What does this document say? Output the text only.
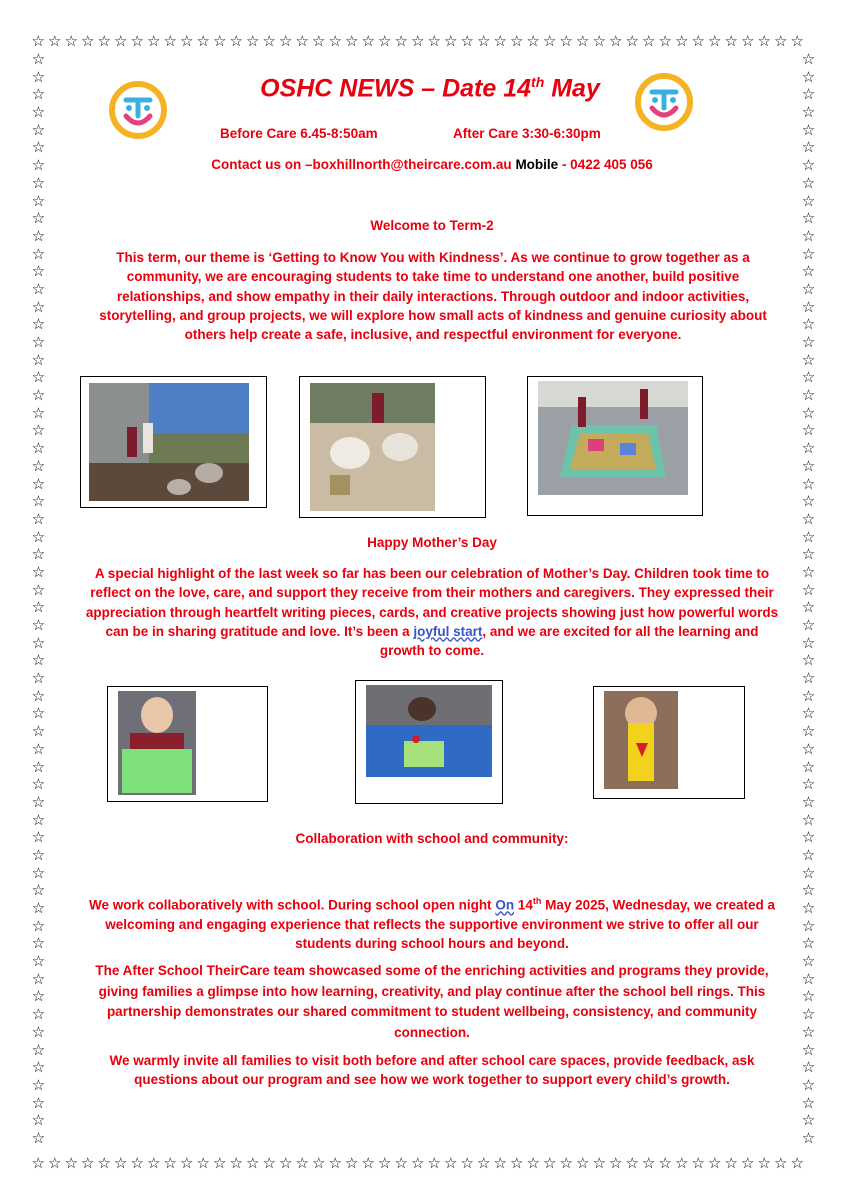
☆ ☆ ☆ ☆ ☆ ☆ ☆ ☆ ☆ ☆ ☆ ☆ ☆ ☆ ☆ ☆ ☆ ☆ ☆ ☆ ☆ ☆ ☆ ☆ ☆ ☆ ☆ ☆ ☆ ☆ ☆ ☆ ☆ ☆ ☆ ☆ ☆ ☆ ☆ ☆ ☆ ☆ ☆ ☆ ☆ ☆ ☆
☆ ☆ ☆ ☆ ☆ ☆ ☆ ☆ ☆ ☆ ☆ ☆ ☆ ☆ ☆ ☆ ☆ ☆ ☆ ☆ ☆ ☆ ☆ ☆ ☆ ☆ ☆ ☆ ☆ ☆ ☆ ☆ ☆ ☆ ☆ ☆ ☆ ☆ ☆ ☆ ☆ ☆ ☆ ☆ ☆ ☆ ☆
☆
☆
☆
☆
☆
☆
☆
☆
☆
☆
☆
☆
☆
☆
☆
☆
☆
☆
☆
☆
☆
☆
☆
☆
☆
☆
☆
☆
☆
☆
☆
☆
☆
☆
☆
☆
☆
☆
☆
☆
☆
☆
☆
☆
☆
☆
☆
☆
☆
☆
☆
☆
☆
☆
☆
☆
☆
☆
☆
☆
☆
☆
☆
☆
☆
☆
☆
☆
☆
☆
☆
☆
☆
☆
☆
☆
☆
☆
☆
☆
☆
☆
☆
☆
☆
☆
☆
☆
☆
☆
☆
☆
☆
☆
☆
☆
☆
☆
☆
☆
☆
☆
☆
☆
☆
☆
☆
☆
☆
☆
☆
☆
☆
☆
☆
☆
☆
☆
☆
☆
☆
☆
☆
☆
OSHC NEWS – Date 14th May
Before Care 6.45-8:50am	After Care 3:30-6:30pm
Contact us on –boxhillnorth@theircare.com.au Mobile - 0422 405 056
Welcome to Term-2
This term, our theme is ‘Getting to Know You with Kindness’. As we continue to grow together as a community, we are encouraging students to take time to understand one another, build positive relationships, and show empathy in their daily interactions. Through outdoor and indoor activities, storytelling, and group projects, we will explore how small acts of kindness and genuine curiosity about others help create a safe, inclusive, and respectful environment for everyone.
Happy Mother’s Day
A special highlight of the last week so far has been our celebration of Mother’s Day. Children took time to reflect on the love, care, and support they receive from their mothers and caregivers. They expressed their appreciation through heartfelt writing pieces, cards, and creative projects showing just how powerful words can be in sharing gratitude and love. It’s been a joyful start, and we are excited for all the learning and growth to come.
Collaboration with school and community:
We work collaboratively with school. During school open night On 14th May 2025, Wednesday, we created a welcoming and engaging experience that reflects the supportive environment we strive to offer all our students during school hours and beyond.
The After School TheirCare team showcased some of the enriching activities and programs they provide, giving families a glimpse into how learning, creativity, and play continue after the school bell rings. This partnership demonstrates our shared commitment to student wellbeing, consistency, and community connection.
We warmly invite all families to visit both before and after school care spaces, provide feedback, ask questions about our program and see how we work together to support every child’s growth.
